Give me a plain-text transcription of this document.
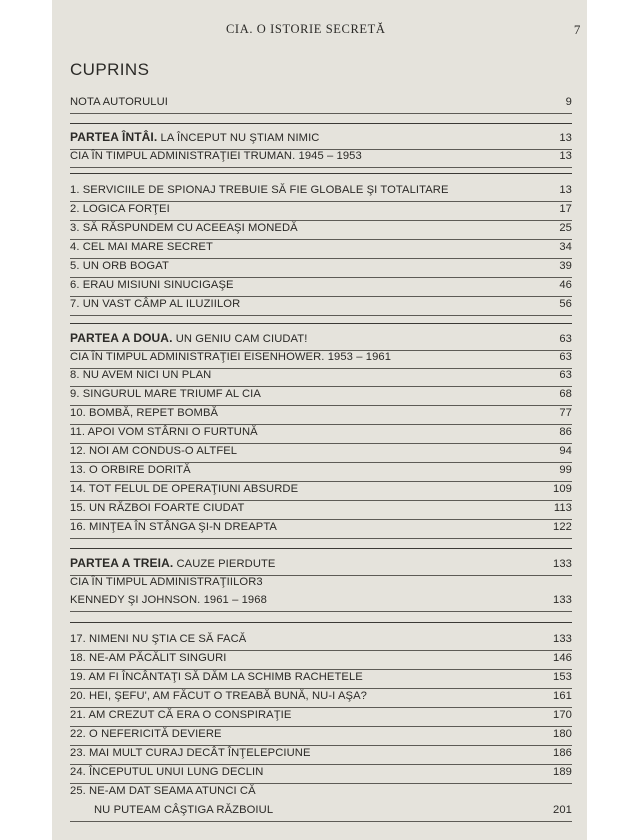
CIA. O ISTORIE SECRETĂ	7
CUPRINS
NOTA AUTORULUI	9
PARTEA ÎNTÂI. LA ÎNCEPUT NU ŞTIAM NIMIC	13
CIA ÎN TIMPUL ADMINISTRAŢIEI TRUMAN. 1945 – 1953	13
1. SERVICIILE DE SPIONAJ TREBUIE SĂ FIE GLOBALE ŞI TOTALITARE	13
2. LOGICA FORŢEI	17
3. SĂ RĂSPUNDEM CU ACEEAŞI MONEDĂ	25
4. CEL MAI MARE SECRET	34
5. UN ORB BOGAT	39
6. ERAU MISIUNI SINUCIGAŞE	46
7. UN VAST CÂMP AL ILUZIILOR	56
PARTEA A DOUA. UN GENIU CAM CIUDAT!	63
CIA ÎN TIMPUL ADMINISTRAŢIEI EISENHOWER. 1953 – 1961	63
8. NU AVEM NICI UN PLAN	63
9. SINGURUL MARE TRIUMF AL CIA	68
10. BOMBĂ, REPET BOMBĂ	77
11. APOI VOM STÂRNI O FURTUNĂ	86
12. NOI AM CONDUS-O ALTFEL	94
13. O ORBIRE DORITĂ	99
14. TOT FELUL DE OPERAŢIUNI ABSURDE	109
15. UN RĂZBOI FOARTE CIUDAT	113
16. MINŢEA ÎN STÂNGA ŞI-N DREAPTA	122
PARTEA A TREIA. CAUZE PIERDUTE	133
CIA ÎN TIMPUL ADMINISTRAŢIILOR3
KENNEDY ŞI JOHNSON. 1961 – 1968	133
17. NIMENI NU ŞTIA CE SĂ FACĂ	133
18. NE-AM PĂCĂLIT SINGURI	146
19. AM FI ÎNCÂNTAŢI SĂ DĂM LA SCHIMB RACHETELE	153
20. HEI, ŞEFU', AM FĂCUT O TREABĂ BUNĂ, NU-I AŞA?	161
21. AM CREZUT CĂ ERA O CONSPIRAŢIE	170
22. O NEFERICITĂ DEVIERE	180
23. MAI MULT CURAJ DECÂT ÎNŢELEPCIUNE	186
24. ÎNCEPUTUL UNUI LUNG DECLIN	189
25. NE-AM DAT SEAMA ATUNCI CĂ
NU PUTEAM CÂŞTIGA RĂZBOIUL	201
